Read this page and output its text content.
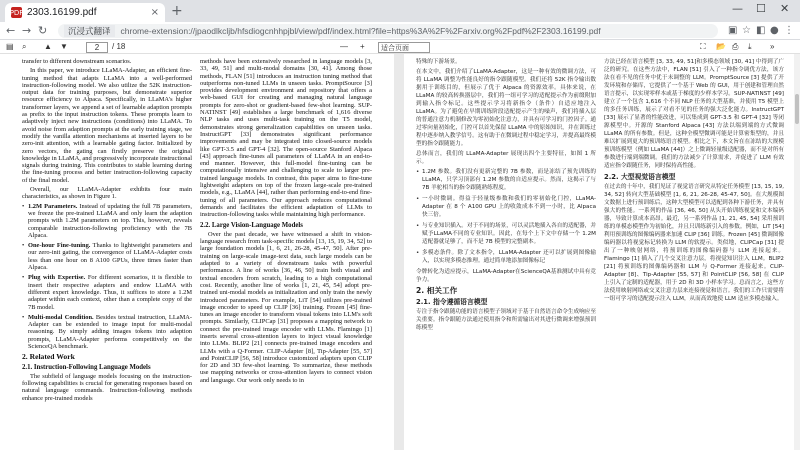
PDF 2303.16199.pdf	× +	— ☐ ✕
← → ↻	沉浸式翻译	chrome-extension://jpaodlkcljb/hfsdiogcnhhpjbl/view/pdf/index.html?file=https%3A%2F%2Farxiv.org%2Fpdf%2F2303.16199.pdf	▣ ☆ ◧ ● ⋮
▤ ⌕ ▲ ▼	2	/ 18	— +	适合页面	⛶ 📂 ⎙ ⤓ »

transfer to different downstream scenarios.

In this paper, we introduce LLaMA-Adapter, an efficient fine-tuning method that adapts LLaMA into a well-performed instruction-following model. We also utilize the 52K instruction-output data for training purposes, but demonstrate superior resource efficiency to Alpaca. Specifically, in LLaMA's higher transformer layers, we append a set of learnable adaption prompts as prefix to the input instruction tokens. These prompts learn to adaptively inject new instructions (conditions) into LLaMA. To avoid noise from adaption prompts at the early training stage, we modify the vanilla attention mechanisms at inserted layers to be zero-init attention, with a learnable gating factor. Initialized by zero vectors, the gating can firstly preserve the original knowledge in LLaMA, and progressively incorporate instructional signals during training. This contributes to stable learning during the fine-tuning process and better instruction-following capacity of the final model.

Overall, our LLaMA-Adapter exhibits four main characteristics, as shown in Figure 1.

• 1.2M Parameters. Instead of updating the full 7B parameters, we freeze the pre-trained LLaMA and only learn the adaption prompts with 1.2M parameters on top. This, however, reveals comparable instruction-following proficiency with the 7B Alpaca.
• One-hour Fine-tuning. Thanks to lightweight parameters and our zero-init gating, the convergence of LLaMA-Adapter costs less than one hour on 8 A100 GPUs, three times faster than Alpaca.
• Plug with Expertise. For different scenarios, it is flexible to insert their respective adapters and endow LLaMA with different expert knowledge. Thus, it suffices to store a 1.2M adapter within each context, other than a complete copy of the 7B model.
• Multi-modal Condition. Besides textual instruction, LLaMA-Adapter can be extended to image input for multi-modal reasoning. By simply adding images tokens into adaption prompts, LLaMA-Adapter performs competitively on the ScienceQA benchmark.
2. Related Work
2.1. Instruction-Following Language Models

The subfield of language models focusing on the instruction-following capabilities is crucial for generating responses based on natural language commands. Instruction-following methods enhance pre-trained models

methods have been extensively researched in language models [3, 33, 49, 51] and multi-modal domains [30, 41]. Among those methods, FLAN [51] introduces an instruction tuning method that outperforms non-tuned LLMs in unseen tasks. PromptSource [3] provides development environment and repository that offers a web-based GUI for creating and managing natural language prompts for zero-shot or gradient-based few-shot learning. SUP-NATINST [49] establishes a large benchmark of 1,616 diverse NLP tasks and uses multi-task training on the T5 model, demonstrates strong generalization capabilities on unseen tasks. InstructGPT [33] demonstrates significant performance improvements and may be integrated into closed-source models like GPT-3.5 and GPT-4 [32]. The open-source Stanford Alpaca [43] approach fine-tunes all parameters of LLaMA in an end-to-end manner. However, this full-model fine-tuning can be computationally intensive and challenging to scale to larger pre-trained language models. In contrast, this paper aims to fine-tune lightweight adapters on top of the frozen large-scale pre-trained models, e.g., LLaMA [44], rather than performing end-to-end fine-tuning of all parameters. Our approach reduces computational demands and facilitates the efficient adaptation of LLMs to instruction-following tasks while maintaining high performance.

2.2. Large Vision-Language Models

Over the past decade, we have witnessed a shift in vision-language research from task-specific models [13, 15, 19, 34, 52] to large foundation models [1, 6, 21, 26-28, 45-47, 50]. After pre-training on large-scale image-text data, such large models can be adapted to a variety of downstream tasks with powerful performance. A line of works [36, 46, 50] train both visual and textual encoders from scratch, leading to a high computational cost. Recently, another line of works [1, 21, 45, 54] adopt pre-trained uni-modal models as initialization and only train the newly introduced parameters. For example, LiT [54] utilizes pre-trained image encoder to speed up CLIP [36] training. Frozen [45] fine-tunes an image encoder to transform visual tokens into LLM's soft prompts. Similarly, CLIPCap [31] proposes a mapping network to connect the pre-trained image encoder with LLMs. Flamingo [1] inserts several cross-attention layers to inject visual knowledge into LLMs. BLIP2 [21] connects pre-trained image encoders and LLMs with a Q-Former. CLIP-Adapter [8], Tip-Adapter [55, 57] and PointCLIP [56, 58] introduce customized adapters upon CLIP for 2D and 3D few-shot learning. To summarize, these methods use mapping networks or cross-attention layers to connect vision and language. Our work only needs to in

特殊的下游场景。

在本文中，我们介绍了LLaMA-Adapter，这是一种有效的微调方法，可将 LLaMA 调整为性能良好的指令跟随模型。我们还将 52K 指令输出数据用于训练目的，但展示了优于 Alpaca 的资源效率。具体来说，在 LLaMA 的较高转换器层中，我们将一组可学习的适配提示作为前缀附加到输入指令标记。这些提示学习将新指令（条件）自适应地注入 LLaMA。为了避免在早期训练阶段适配提示产生的噪声，我们将插入层的普通注意力机制修改为零初始化注意力，并具有可学习的门控因子。通过零向量初始化，门控可以首先保留 LLaMA 中的原始知识，并在训练过程中逐步纳入教学信号。这有助于在微调过程中稳定学习，并提高最终模型的指令跟随能力。

总体而言，我们的 LLaMA-Adapter 展现出四个主要特征，如图 1 所示。

• 1.2M 参数。我们没有更新完整的 7B 参数，而是冻结了预先训练的 LLaMA，只学习顶部有 1.2M 参数的自适应提示。然而，这揭示了与 7B 羊驼相当的指令跟随熟练程度。
• 一小时微调。得益于轻量级参数和我们的零初始化门控，LLaMA-Adapter 在 8 个 A100 GPU 上的收敛成本不到一小时，比 Alpaca 快三倍。
• 与专业知识插入。对于不同的场景，可以灵活地插入各自的适配器，并赋予LLaMA不同的专业知识。因此，在每个上下文中存储一个 1.2M 适配器就足够了，而不是 7B 模型的完整副本。
• 多模态条件。除了文本指令，LLaMA-Adapter 还可以扩展到图像输入，以实现多模态推理。通过简单地添加图像标记

令牌转化为适应提示，LLaMA-Adapter在ScienceQA基准测试中具有竞争力。

2. 相关工作
2.1. 指令遵循语言模型

专注于指令跟随功能的语言模型子领域对于基于自然语言命令生成响应至关重要。指令跟随方法通过使用指令和所需输出对其进行微调来增强预训练模型

方法已经在语言模型 [3, 33, 49, 51]和多模态领域 [30, 41] 中得到了广泛的研究。在这些方法中，FLAN [51] 引入了一种指令调优方法，该方法在看不见的任务中优于未调整的 LLM。PromptSource [3] 提供了开发环境和存储库，它提供了一个基于 Web 的 GUI，用于创建和管理自然语言提示，以实现零样本或基于梯度的少样本学习。SUP-NATINST [49] 建立了一个包含 1,616 个不同 NLP 任务的大型基准，并使用 T5 模型上的多任务训练，展示了对看不见的任务的强大泛化能力。InstructGPT [33] 展示了显著的性能改进，可以集成到 GPT-3.5 和 GPT-4 [32] 等闭源模型中。开源的 Stanford Alpaca [43] 方法以端到端的方式微调 LLaMA 的所有参数。但是，这种全模型微调可能是计算密集型的，并且难以扩展到更大的预训练语言模型。相比之下，本文旨在在冻结的大规模预训练模型（例如 LLaMA [44]）之上微调轻量级适配器，而不是对所有参数进行端到端微调。我们的方法减少了计算需求，并促进了 LLM 有效适应指令跟随任务，同时保持高性能。

2.2. 大型视觉语言模型

在过去的十年中，我们见证了视觉语言研究从特定任务模型 [13, 15, 19, 34, 52] 转向大型基础模型 [1, 6, 21, 26-28, 45-47, 50]。在大规模图文数据上进行预训练后，这种大型模型可以适配到各种下游任务，并具有强大的性能。一系列的作品 [36, 46, 50] 从头开始训练视觉和文本编码器，导致计算成本高昂。最近，另一系列作品 [1, 21, 45, 54] 采用预训练的单模态模型作为初始化，并且只训练新引入的参数。例如，LiT [54] 利用预训练的图像编码器来加速 CLIP [36] 训练。Frozen [45] 微调图像编码器以将视觉标记转换为 LLM 的软提示。类似地，CLIPCap [31] 提出了一种映射网络，将预训练的图像编码器与 LLM 连接起来。Flamingo [1] 插入了几个交叉注意力层，将视觉知识注入 LLM。BLIP2 [21] 将预训练的图像编码器和 LLM 与 Q-Former 连接起来。CLIP-Adapter [8]、Tip-Adapter [55, 57] 和 PointCLIP [56, 58] 在 CLIP 上引入了定制的适配器，用于 2D 和 3D 小样本学习。总而言之，这些方法使用映射网络或交叉注意力层来连接视觉和语言。我们的工作只需要将一组可学习的适配提示注入 LLM，从而高效地使 LLM 适应多模态输入。
